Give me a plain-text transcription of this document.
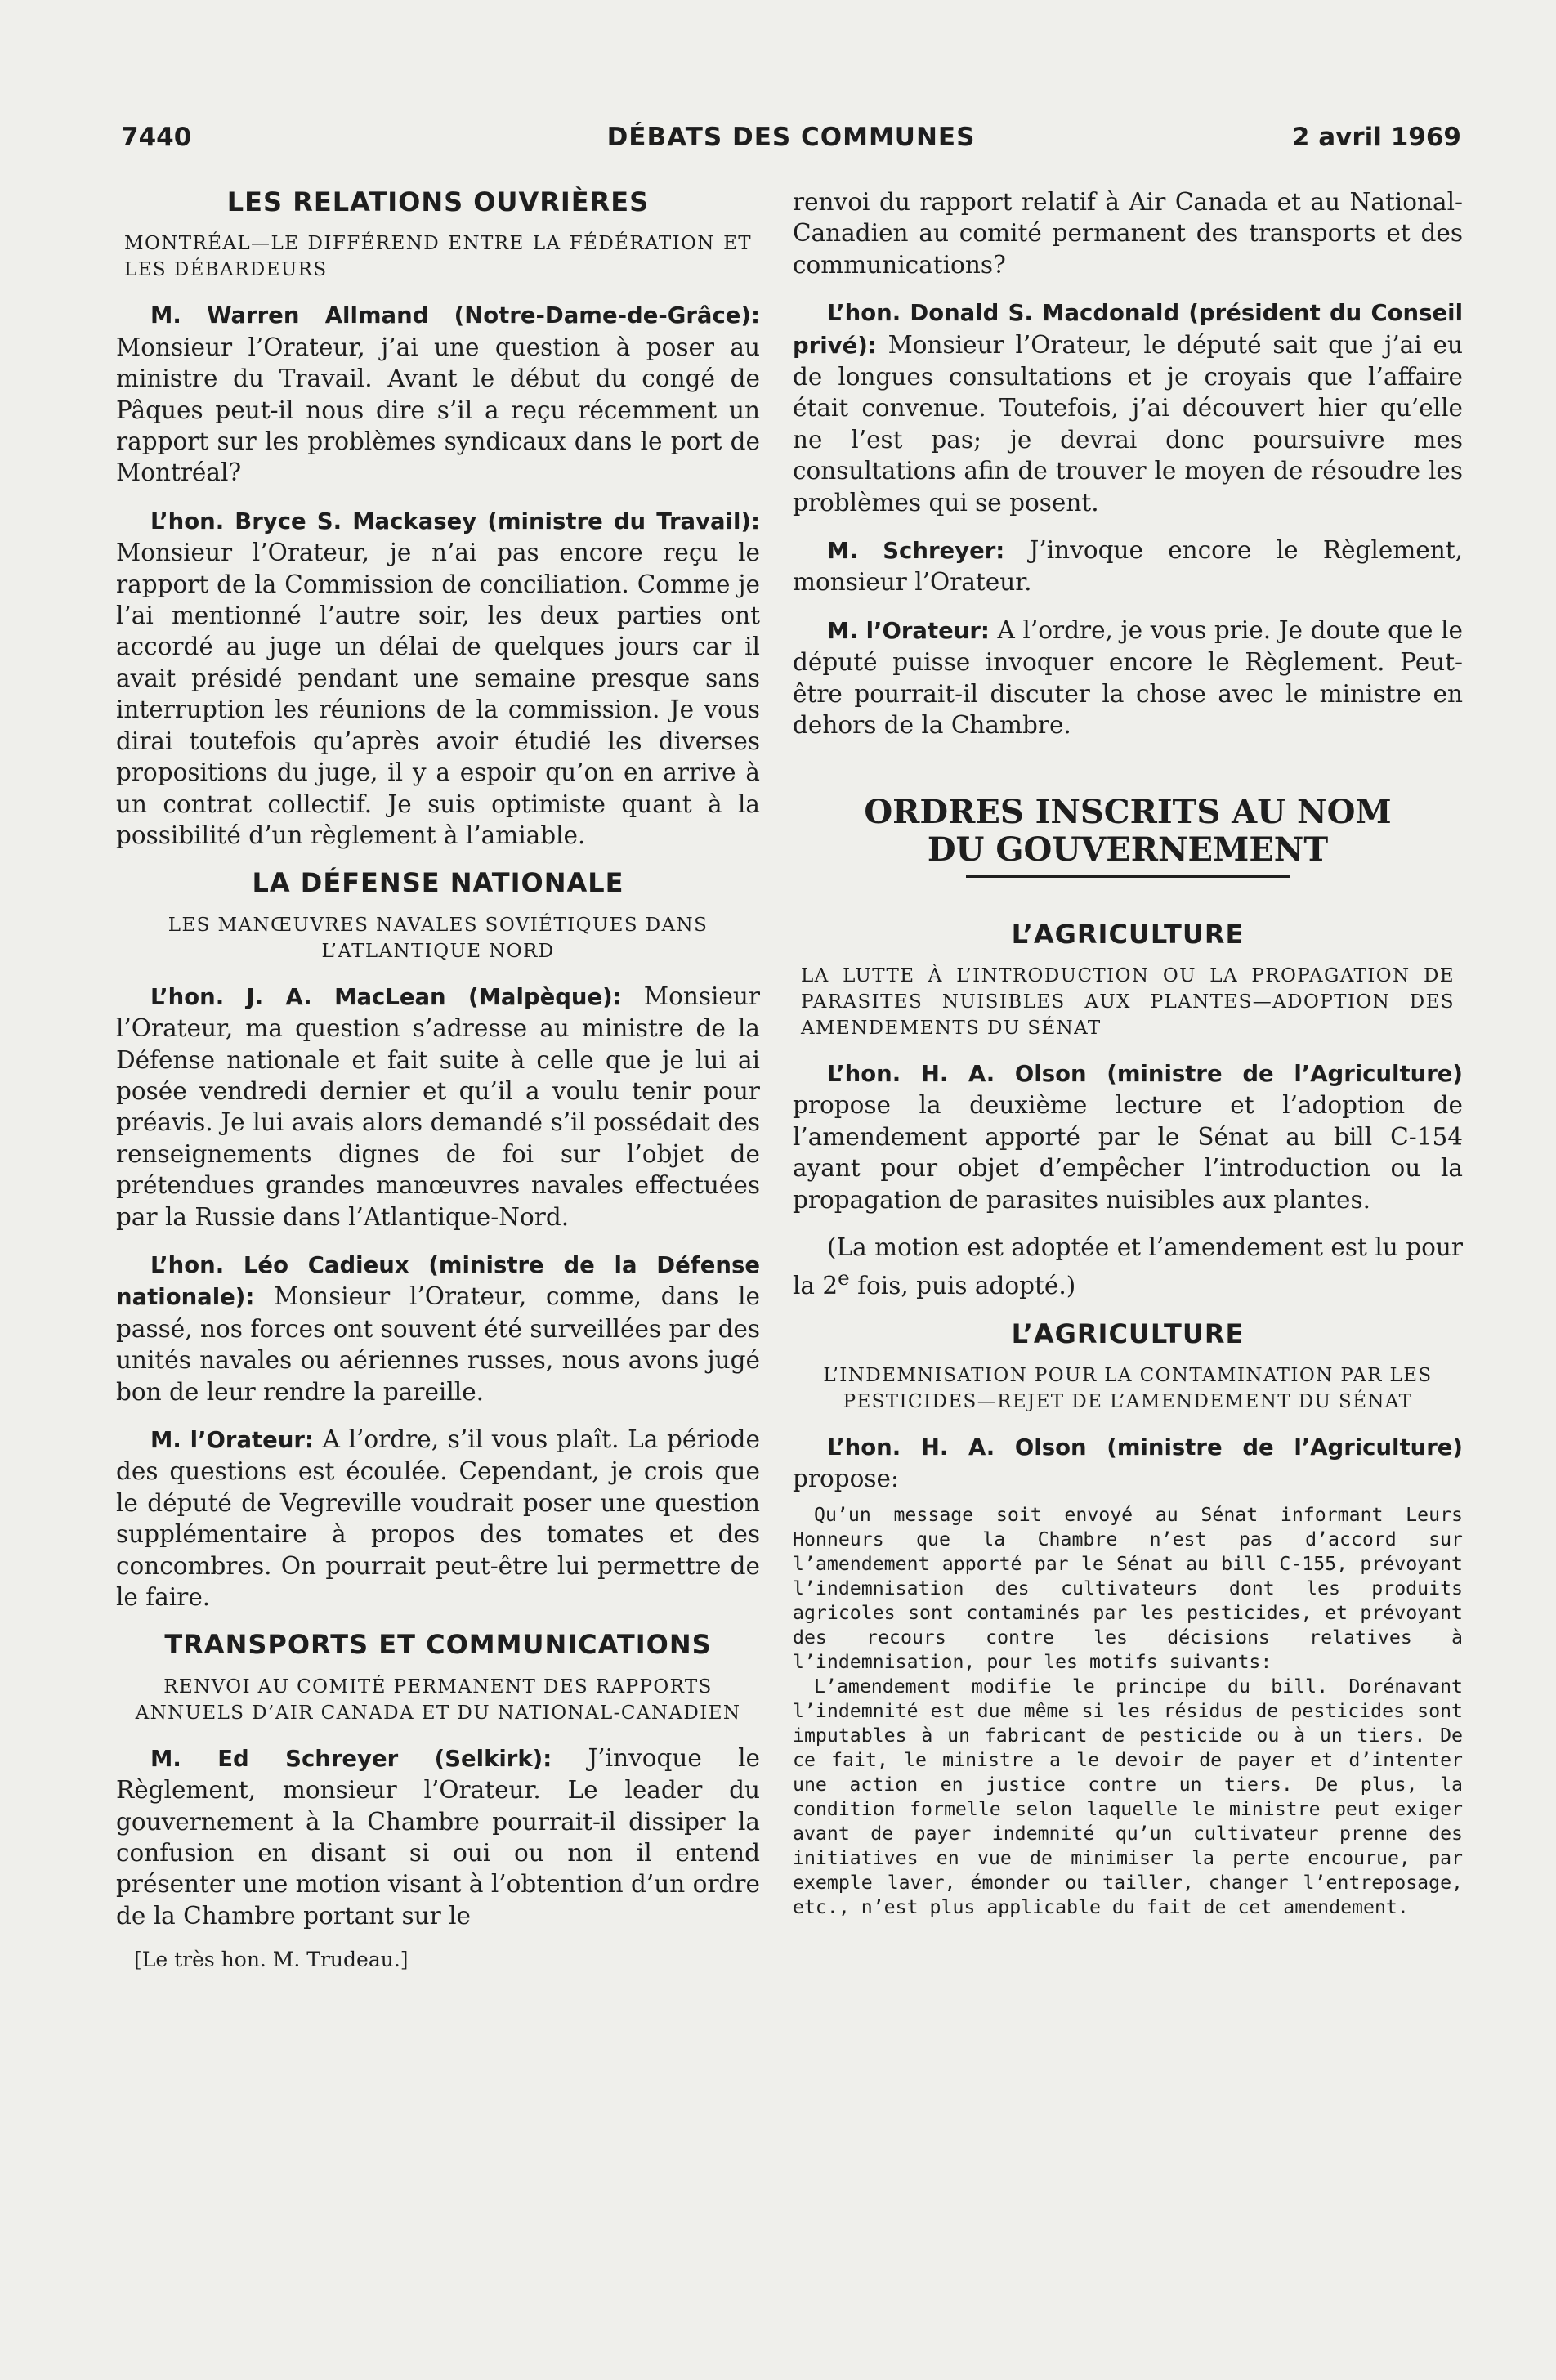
7440	DÉBATS DES COMMUNES	2 avril 1969
LES RELATIONS OUVRIÈRES
MONTRÉAL—LE DIFFÉREND ENTRE LA FÉDÉRATION ET LES DÉBARDEURS

M. Warren Allmand (Notre-Dame-de-Grâce): Monsieur l’Orateur, j’ai une question à poser au ministre du Travail. Avant le début du congé de Pâques peut-il nous dire s’il a reçu récemment un rapport sur les problèmes syndicaux dans le port de Montréal?

L’hon. Bryce S. Mackasey (ministre du Travail): Monsieur l’Orateur, je n’ai pas encore reçu le rapport de la Commission de conciliation. Comme je l’ai mentionné l’autre soir, les deux parties ont accordé au juge un délai de quelques jours car il avait présidé pendant une semaine presque sans interruption les réunions de la commission. Je vous dirai toutefois qu’après avoir étudié les diverses propositions du juge, il y a espoir qu’on en arrive à un contrat collectif. Je suis optimiste quant à la possibilité d’un règlement à l’amiable.

LA DÉFENSE NATIONALE
LES MANŒUVRES NAVALES SOVIÉTIQUES DANS L’ATLANTIQUE NORD

L’hon. J. A. MacLean (Malpèque): Monsieur l’Orateur, ma question s’adresse au ministre de la Défense nationale et fait suite à celle que je lui ai posée vendredi dernier et qu’il a voulu tenir pour préavis. Je lui avais alors demandé s’il possédait des renseignements dignes de foi sur l’objet de prétendues grandes manœuvres navales effectuées par la Russie dans l’Atlantique-Nord.

L’hon. Léo Cadieux (ministre de la Défense nationale): Monsieur l’Orateur, comme, dans le passé, nos forces ont souvent été surveillées par des unités navales ou aériennes russes, nous avons jugé bon de leur rendre la pareille.

M. l’Orateur: A l’ordre, s’il vous plaît. La période des questions est écoulée. Cependant, je crois que le député de Vegreville voudrait poser une question supplémentaire à propos des tomates et des concombres. On pourrait peut-être lui permettre de le faire.

TRANSPORTS ET COMMUNICATIONS
RENVOI AU COMITÉ PERMANENT DES RAPPORTS ANNUELS D’AIR CANADA ET DU NATIONAL-CANADIEN

M. Ed Schreyer (Selkirk): J’invoque le Règlement, monsieur l’Orateur. Le leader du gouvernement à la Chambre pourrait-il dissiper la confusion en disant si oui ou non il entend présenter une motion visant à l’obtention d’un ordre de la Chambre portant sur le

[Le très hon. M. Trudeau.]

renvoi du rapport relatif à Air Canada et au National-Canadien au comité permanent des transports et des communications?

L’hon. Donald S. Macdonald (président du Conseil privé): Monsieur l’Orateur, le député sait que j’ai eu de longues consultations et je croyais que l’affaire était convenue. Toutefois, j’ai découvert hier qu’elle ne l’est pas; je devrai donc poursuivre mes consultations afin de trouver le moyen de résoudre les problèmes qui se posent.

M. Schreyer: J’invoque encore le Règlement, monsieur l’Orateur.

M. l’Orateur: A l’ordre, je vous prie. Je doute que le député puisse invoquer encore le Règlement. Peut-être pourrait-il discuter la chose avec le ministre en dehors de la Chambre.

ORDRES INSCRITS AU NOM
DU GOUVERNEMENT
L’AGRICULTURE
LA LUTTE À L’INTRODUCTION OU LA PROPAGATION DE PARASITES NUISIBLES AUX PLANTES—ADOPTION DES AMENDEMENTS DU SÉNAT

L’hon. H. A. Olson (ministre de l’Agriculture) propose la deuxième lecture et l’adoption de l’amendement apporté par le Sénat au bill C-154 ayant pour objet d’empêcher l’introduction ou la propagation de parasites nuisibles aux plantes.

(La motion est adoptée et l’amendement est lu pour la 2e fois, puis adopté.)

L’AGRICULTURE
L’INDEMNISATION POUR LA CONTAMINATION PAR LES PESTICIDES—REJET DE L’AMENDEMENT DU SÉNAT

L’hon. H. A. Olson (ministre de l’Agriculture) propose:

Qu’un message soit envoyé au Sénat informant Leurs Honneurs que la Chambre n’est pas d’accord sur l’amendement apporté par le Sénat au bill C-155, prévoyant l’indemnisation des cultivateurs dont les produits agricoles sont contaminés par les pesticides, et prévoyant des recours contre les décisions relatives à l’indemnisation, pour les motifs suivants:
L’amendement modifie le principe du bill. Dorénavant l’indemnité est due même si les résidus de pesticides sont imputables à un fabricant de pesticide ou à un tiers. De ce fait, le ministre a le devoir de payer et d’intenter une action en justice contre un tiers. De plus, la condition formelle selon laquelle le ministre peut exiger avant de payer indemnité qu’un cultivateur prenne des initiatives en vue de minimiser la perte encourue, par exemple laver, émonder ou tailler, changer l’entreposage, etc., n’est plus applicable du fait de cet amendement.
